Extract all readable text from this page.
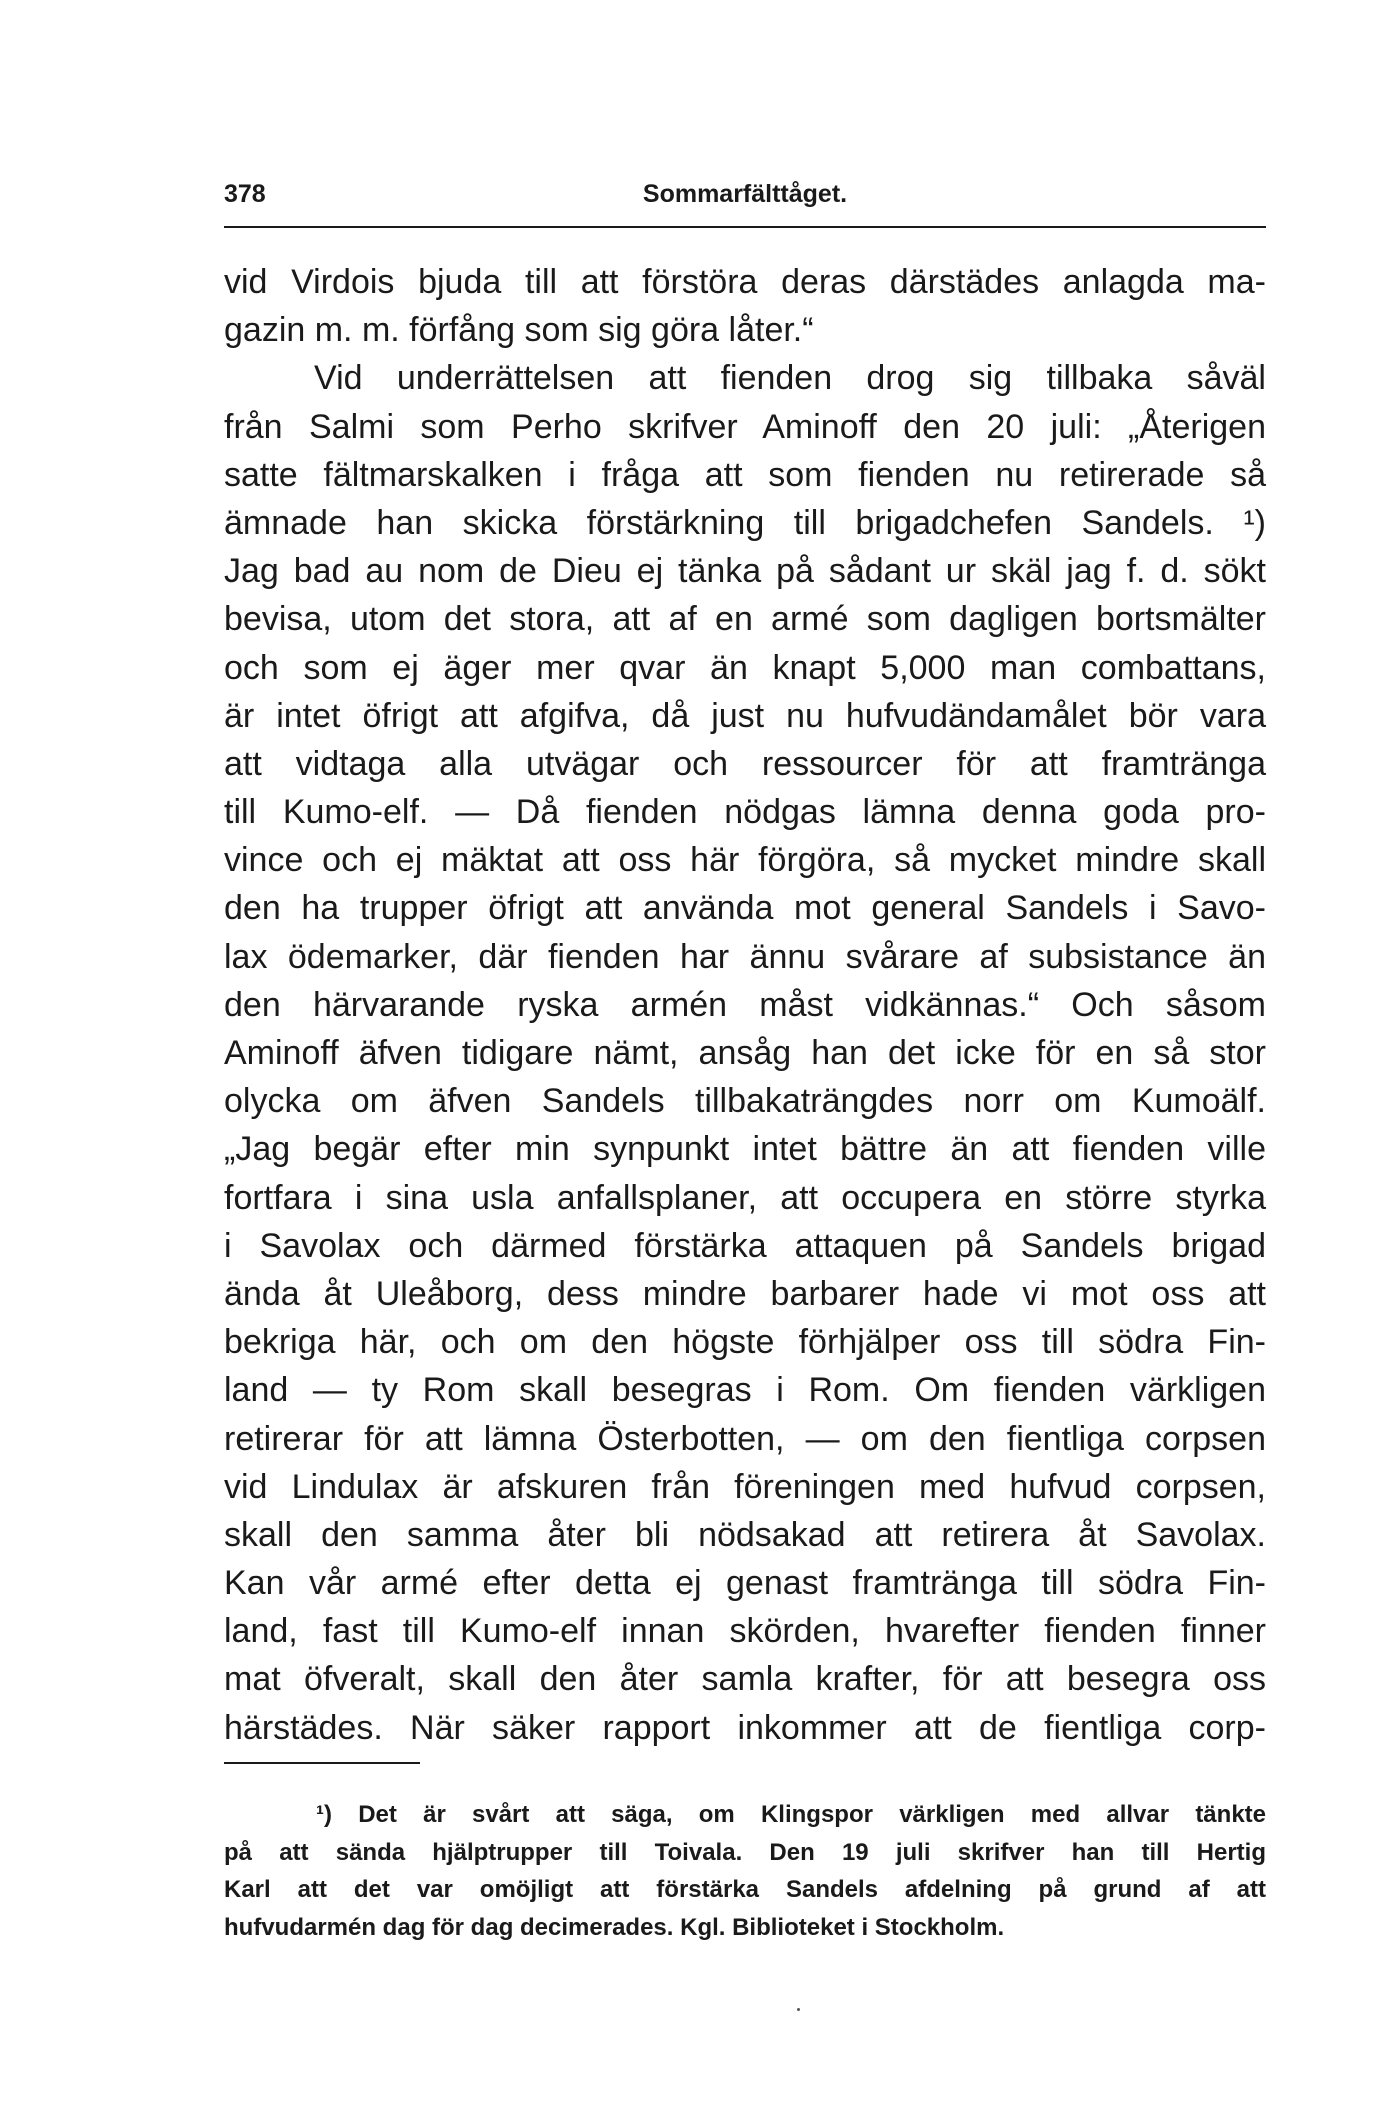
378	Sommarfälttåget.
vid Virdois bjuda till att förstöra deras därstädes anlagda ma-
gazin m. m. förfång som sig göra låter.“
Vid underrättelsen att fienden drog sig tillbaka såväl
från Salmi som Perho skrifver Aminoff den 20 juli: „Återigen
satte fältmarskalken i fråga att som fienden nu retirerade så
ämnade han skicka förstärkning till brigadchefen Sandels. ¹)
Jag bad au nom de Dieu ej tänka på sådant ur skäl jag f. d. sökt
bevisa, utom det stora, att af en armé som dagligen bortsmälter
och som ej äger mer qvar än knapt 5,000 man combattans,
är intet öfrigt att afgifva, då just nu hufvudändamålet bör vara
att vidtaga alla utvägar och ressourcer för att framtränga
till Kumo-elf. — Då fienden nödgas lämna denna goda pro-
vince och ej mäktat att oss här förgöra, så mycket mindre skall
den ha trupper öfrigt att använda mot general Sandels i Savo-
lax ödemarker, där fienden har ännu svårare af subsistance än
den härvarande ryska armén måst vidkännas.“ Och såsom
Aminoff äfven tidigare nämt, ansåg han det icke för en så stor
olycka om äfven Sandels tillbakaträngdes norr om Kumoälf.
„Jag begär efter min synpunkt intet bättre än att fienden ville
fortfara i sina usla anfallsplaner, att occupera en större styrka
i Savolax och därmed förstärka attaquen på Sandels brigad
ända åt Uleåborg, dess mindre barbarer hade vi mot oss att
bekriga här, och om den högste förhjälper oss till södra Fin-
land — ty Rom skall besegras i Rom. Om fienden värkligen
retirerar för att lämna Österbotten, — om den fientliga corpsen
vid Lindulax är afskuren från föreningen med hufvud corpsen,
skall den samma åter bli nödsakad att retirera åt Savolax.
Kan vår armé efter detta ej genast framtränga till södra Fin-
land, fast till Kumo-elf innan skörden, hvarefter fienden finner
mat öfveralt, skall den åter samla krafter, för att besegra oss
härstädes. När säker rapport inkommer att de fientliga corp-
¹) Det är svårt att säga, om Klingspor värkligen med allvar tänkte
på att sända hjälptrupper till Toivala. Den 19 juli skrifver han till Hertig
Karl att det var omöjligt att förstärka Sandels afdelning på grund af att
hufvudarmén dag för dag decimerades. Kgl. Biblioteket i Stockholm.
